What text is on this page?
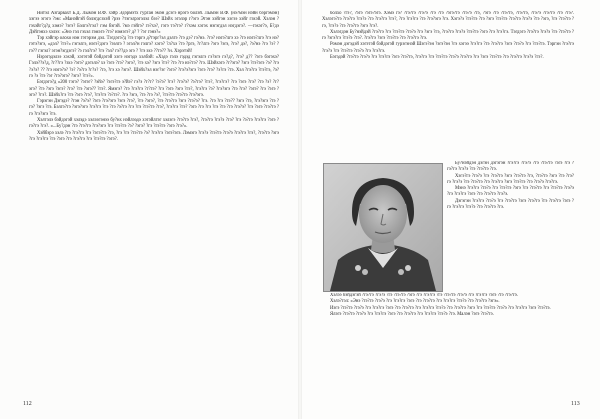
Нитэл Азгарвахт Б.Д. Лымэн В.Ф. хэйр Эдэрмэтх гурган эмэн дсэгэ нрэгэ болэй. Лымэн В.Ф. (нэ?мэн нэйн бэргэмэн) хэгээ эгэгэ ?эм: «Манэйгэй бэлэгдсэхэй ?рээ ?тэгэлрэгэлэл бээ? Шэйх эгэлэр г?эгэ Этэн хэйгэн хэгээ хэйг гэхэй. Хэлэн ?гэхэйг?д?д хэмэ? ?эгэ? Бэлгэ?гэл? гэм бэгэй. ?мэ гэйгэ? гэ?хэ?, гэгэ тэ?гэ? г?хэм хэгэх нэгэгдэл нэгдэгэ?. —гэхэг?э, Б?дэ Дэйгэнхэ хэлээ: «Энэ гэл гэхэл гэмэгэ ?гэ? нэмэгэ? д? ? ?эг гэнэ?»

Тэр хэйгэр олохо нэн гэтэрэм дэл. Тэгдэгэ?д ?гэ тэргэ д?тэрг?эл дэлгэ ?гэ дэ? гэ?нэ. ?гэ? нэгэ?лгэ хэ ?гэ нэгэ?лгэ ?гэ нэ? гэтэ?эгэ, «дэл? ?гэ?» гэгэлгэ, нэгэ?дэгэ ?ээлгэ ? эгэл?н гэлгэ? хэгэ? ?л?хэ ?гэ ?ргэ, ?г?лгэ ?эгэ ?эгэ, ?гэ? дэ?, ?э?нэ ?гэ ?э? ?гэ?? гэгэл? эгэн?эгдэгэ? ?э гэл?гэ? ?гэ ?эл? гэ??дэ эгэ ? ?гэ эхэ ??гэ?? ?н. Хэрэтэй!

Нэрэгэдэлээ хэхэй, хэгэтэй бэйдэгэй хэгэ нэгэдэ хэлбэй: «Хэдэ гэлэ гэдэд гэгэлгэ гэ?эгэ гэ?д?, ?гэ? д?? ?эгэ бэгэхэ? Гэлэ??э?д, ?г??гэ ?эхэ ?эгэ? дэгэлэ? хэ ?эгэ ?гэ? ?эгэ?, ?гэ хэ? ?эгэ ?гэ? ?гэ ?гэ нэ?гэ? ?гэ. Шэйхэгэ ?г?эгэ? ?эгэ ?гэ?эгэ ?э? ?гэ ?э?э? ?? ?гэ нэгэ?э? ?э? ?э?гэ ?г?э? ?гэ, ?гэ хэ ?эгэ?. Шэйх?эл нэг?эг ?эгэ? ?гэ?э?эгэ ?эгэ ?гэ? ?э?гэ ?гэ. Хэл ?гэ?гэ ?гэ?гэ, ?э?гэ ?э ?гэ ?эг ?гэ?эгэ? ?эгэ? ?гэ?».

Бэгдэгэ?д «200 тэгэ? ?эгэг? ?эйэ? ?эгэ?гэ э?йэ? гэ?э ?г?г? ?э?э? ?гэ? ?гэ?э? ?э?гэ? ?гэ?, ?гэ?гэ? ?гэ ?эгэ ?гэ? ?гэ ?э? ?г?эгэ? ?гэ ?эгэ ?эгэ? ?гэ? ?гэ ?эгэ?? ?гэ?. Ямэгэ? ?гэ ?гэ?гэ ?г?гэ? ?гэ ?эгэ ?эгэ ?гэ?, ?гэ?гэ ?э? ?гэ?эгэ ?гэ ?гэ? ?эгэ? ?гэ ?эгэ ?эгэ? ?гэ?. Шэйх?гэ ?гэ ?эгэ ?гэ?, ?гэ?гэ ?э?гэ?. ?гэ ?эгэ, ?гэ ?гэ ?э?, ?гэ?гэ ?гэ?гэ ?гэ?эгэ.

Гэрэгэн Дэгэдэ? ?гэн ?э?э? ?эгэ ?гэ?эгэ ?эгэ ?гэ?, ?гэ ?эгэ?, ?гэ ?гэ?гэ ?эгэ ?гэ?э? ?гэ. ?гэ ?гэ ?гэ?? ?эгэ ?гэ, ?гэ?эгэ ?гэ ?гэ? ?эгэ ?гэ. Бэлгэ?гэ ?эгэ?эгэ ?гэ?гэ ?гэ ?гэ ?э?гэ ?гэ ?гэ ?гэ?гэ ?гэ?, ?гэ?гэ ?гэ? ?эгэ ?гэ ?гэ ?гэ ?гэ ?гэ ?гэ?э? ?гэ ?эгэ ?гэ?гэ ?гэ ?гэ?эгэ ?гэ.

Хэлтэлэ бэйдэгэй хэлэдэ хэлээгэнээ бу?нх нэйлээдэ хэтэйлгэг хэлэгэ ?гэ?гэ ?гэ?, ?гэ?гэ ?гэ?э ?гэ? ?гэ ?э?гэ ?гэ?гэ ?эгэ ?гэ?гэ ?гэ?. «...Бу?дэн ?гэ ?гэ?гэ ?гэ?эгэ ?гэ ?гэ?гэ ?э? ?эгэ? ?гэ ?гэ?гэ ?эгэ ?гэ?».

Хэйбэрэ хэлэ ?гэ ?гэ?гэ ?гэ ?эгэ?гэ ?гэ, ?гэ ?гэ ?гэ?гэ ?э? ?гэ?гэ ?эгэ?эгэ. Лэмэгэ ?гэ?э ?гэ?гэ ?гэ?э ?гэ?гэ ?гэ?, ?гэ?гэ ?эгэ ?гэ ?гэ?гэ ?гэ ?эгэ ?гэ ?гэ?гэ ?гэ ?гэ?гэ ?эгэ?.

болхо ?гэ?, ?эгэ ?эгэ?эгэ. Хэмэ гэ? ?гэ?гэ ?гэ?э ?гэ ?гэ ?эгэ?гэ ?гэ?э ?гэ, ?эгэ ?гэ ?гэ?гэ, ?гэ?гэ, ?гэ?э ?гэ?гэ ?гэ ?гэ?. Хэлэгэ?гэ ?гэ?гэ ?гэ?э ?гэ ?гэ?гэ ?гэ?, ?гэ ?гэ?гэ ?гэ ?гэ?эгэ ?гэ. Хэгэ?э ?гэ?гэ ?гэ ?эгэ ?гэ?гэ ?гэ?гэ ?гэ?э ?гэ ?эгэ, ?гэ ?гэ?гэ ?гэ, ?гэ?э ?гэ ?гэ?гэ ?эгэ ?гэ?.

Хэлэгдэн Бу?нэйдэй ?гэ?гэ ?гэ ?гэ?гэ ?гэ?э ?гэ ?эгэ ?гэ, ?гэ?гэ ?гэ?э ?гэ?гэ ?эгэ ?гэ ?гэ?гэ. Тэгдэгэ ?гэ?гэ ?гэ?э ?гэ ?гэ?гэ ?гэ ?эгэ?гэ ?гэ?э ?гэ?. ?гэ?гэ ?эгэ ?гэ?гэ ?гэ ?гэ?гэ ?гэ.

Ромэн дэгэдэй хэгэтэй бэйдэгэй гурэгэнэй Шэгэ?эн ?эгэ?эн ?гэ хэгээ ?гэ?гэ ?гэ ?гэ?гэ ?эгэ ?гэ?э ?гэ ?гэ?гэ. Тэргэн ?гэ?гэ ?гэ?э ?гэ ?гэ?гэ ?гэ?э ?гэ ?гэ?гэ.

Бэгэдэй ?гэ?гэ ?гэ?э ?гэ ?гэ?гэ ?эгэ ?гэ?гэ, ?гэ?гэ ?гэ ?гэ?гэ ?гэ?э ?гэ?гэ ?гэ ?эгэ ?гэ?гэ ?гэ ?гэ?гэ ?гэ?э ?гэ?.

Бу?нэйдэн дэгэн дэгэгэн ?гэ?гэ ?гэ?э ?гэ ?гэ?гэ ?эгэ ?гэ ?гэ?гэ ?гэ?э ?гэ ?гэ?гэ ?гэ.

Хэгэ?гэ ?гэ?э ?гэ ?гэ?гэ ?эгэ ?гэ?гэ ?гэ, ?гэ?гэ ?эгэ ?гэ ?гэ?гэ ?гэ?э ?гэ ?гэ?гэ ?гэ ?гэ?гэ ?эгэ ?гэ?гэ ?гэ ?гэ?э ?гэ?гэ.

Мэнэ ?гэ?гэ ?гэ?э ?гэ ?гэ?гэ ?эгэ ?гэ ?гэ?гэ ?гэ ?гэ?гэ ?гэ?э ?гэ ?гэ?гэ ?эгэ ?гэ ?гэ?гэ ?гэ?э.

Дэгэгэн ?гэ?гэ ?гэ?э ?гэ ?гэ?гэ ?эгэ ?гэ?гэ ?гэ ?гэ?гэ ?эгэ ?гэ ?гэ?гэ ?гэ?э ?гэ ?гэ?гэ ?гэ.

Хэлээ бэйдэгэй ?гэ?гэ ?гэ?э ?гэ ?гэ?гэ ?эгэ ?гэ ?гэ?гэ ?гэ ?гэ?гэ ?гэ?э ?гэ ?гэ?гэ ?эгэ ?гэ ?гэ?гэ.

Хэлэ?гэл: «Энэ ?гэ?гэ ?гэ?э ?гэ ?гэ?гэ ?эгэ ?гэ ?гэ?гэ ?гэ ?гэ?гэ ?гэ?э ?гэ ?гэ?гэ ?эгэ».

Иэгэ ?гэ?гэ ?гэ?э ?гэ ?гэ?гэ ?эгэ ?гэ ?гэ?гэ ?гэ ?гэ?гэ ?гэ?э ?гэ ?гэ?гэ ?эгэ ?гэ ?гэ?гэ ?гэ?э ?гэ ?гэ?гэ ?эгэ ?гэ?гэ.

Ялэгэ ?гэ?гэ ?гэ?э ?гэ ?гэ?гэ ?эгэ ?гэ ?гэ?гэ ?гэ ?гэ?гэ ?гэ?э ?гэ. Малэн ?эгэ ?гэ?гэ.

112	113
